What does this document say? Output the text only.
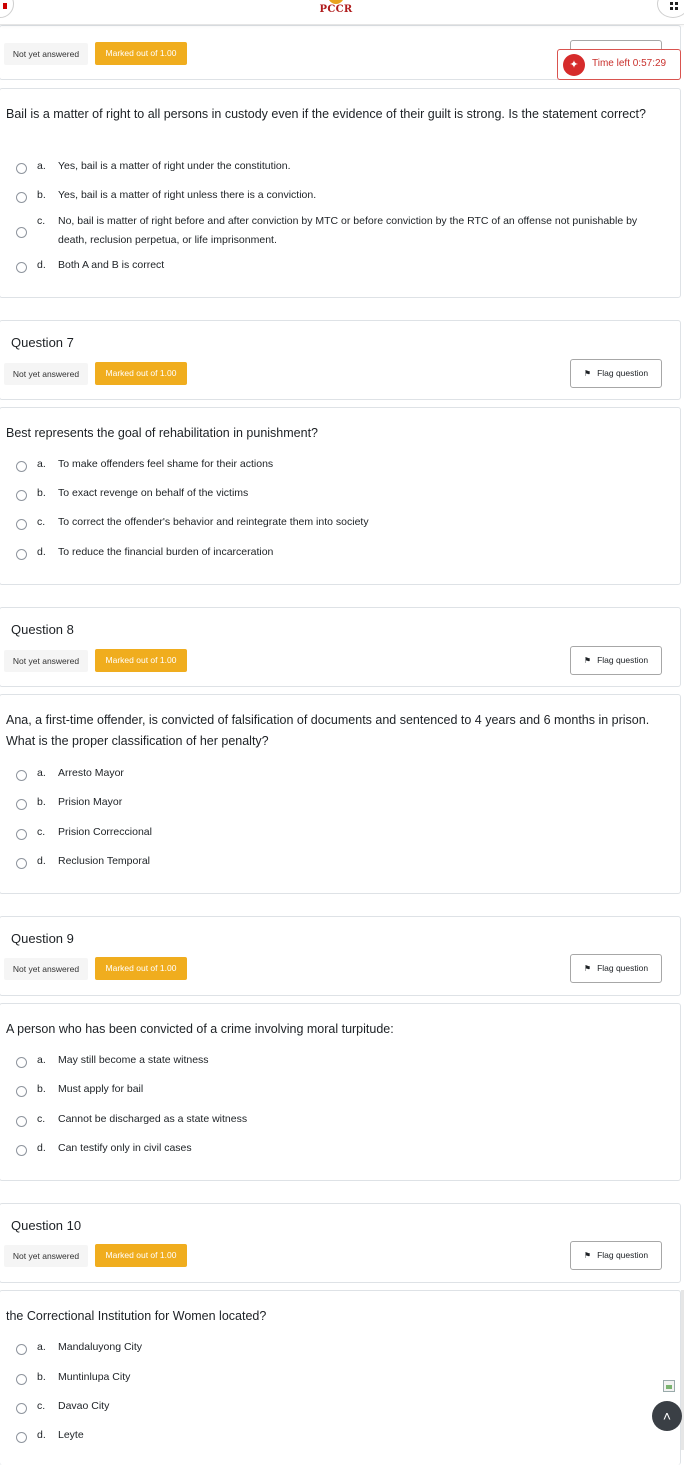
PCCR
Not yet answered	Marked out of 1.00
✦	Time left 0:57:29
Bail is a matter of right to all persons in custody even if the evidence of their guilt is strong. Is the statement correct?
a. Yes, bail is a matter of right under the constitution.
b. Yes, bail is a matter of right unless there is a conviction.
c. No, bail is matter of right before and after conviction by MTC or before conviction by the RTC of an offense not punishable by death, reclusion perpetua, or life imprisonment.
d. Both A and B is correct
Question 7
Not yet answered	Marked out of 1.00	⚑ Flag question
Best represents the goal of rehabilitation in punishment?
a. To make offenders feel shame for their actions
b. To exact revenge on behalf of the victims
c. To correct the offender's behavior and reintegrate them into society
d. To reduce the financial burden of incarceration
Question 8
Not yet answered	Marked out of 1.00	⚑ Flag question
Ana, a first-time offender, is convicted of falsification of documents and sentenced to 4 years and 6 months in prison. What is the proper classification of her penalty?
a. Arresto Mayor
b. Prision Mayor
c. Prision Correccional
d. Reclusion Temporal
Question 9
Not yet answered	Marked out of 1.00	⚑ Flag question
A person who has been convicted of a crime involving moral turpitude:
a. May still become a state witness
b. Must apply for bail
c. Cannot be discharged as a state witness
d. Can testify only in civil cases
Question 10
Not yet answered	Marked out of 1.00	⚑ Flag question
the Correctional Institution for Women located?
a. Mandaluyong City
b. Muntinlupa City
c. Davao City
d. Leyte
˄
